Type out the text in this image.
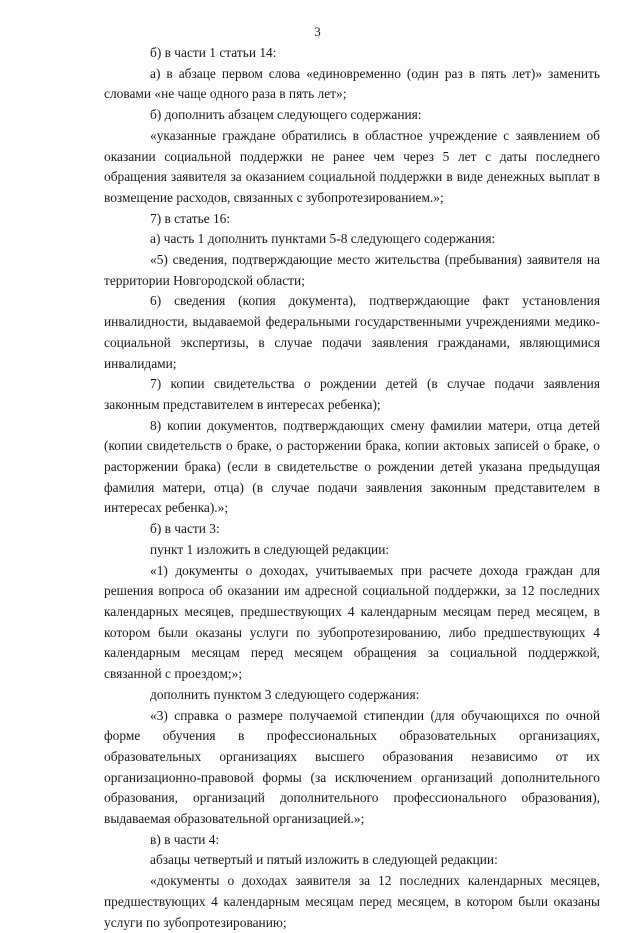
3

б) в части 1 статьи 14:

а) в абзаце первом слова «единовременно (один раз в пять лет)» заменить словами «не чаще одного раза в пять лет»;

б) дополнить абзацем следующего содержания:

«указанные граждане обратились в областное учреждение с заявлением об оказании социальной поддержки не ранее чем через 5 лет с даты последнего обращения заявителя за оказанием социальной поддержки в виде денежных выплат в возмещение расходов, связанных с зубопротезированием.»;

7) в статье 16:

а) часть 1 дополнить пунктами 5-8 следующего содержания:

«5) сведения, подтверждающие место жительства (пребывания) заявителя на территории Новгородской области;

6) сведения (копия документа), подтверждающие факт установления инвалидности, выдаваемой федеральными государственными учреждениями медико-социальной экспертизы, в случае подачи заявления гражданами, являющимися инвалидами;

7) копии свидетельства о рождении детей (в случае подачи заявления законным представителем в интересах ребенка);

8) копии документов, подтверждающих смену фамилии матери, отца детей (копии свидетельств о браке, о расторжении брака, копии актовых записей о браке, о расторжении брака) (если в свидетельстве о рождении детей указана предыдущая фамилия матери, отца) (в случае подачи заявления законным представителем в интересах ребенка).»;

б) в части 3:

пункт 1 изложить в следующей редакции:

«1) документы о доходах, учитываемых при расчете дохода граждан для решения вопроса об оказании им адресной социальной поддержки, за 12 последних календарных месяцев, предшествующих 4 календарным месяцам перед месяцем, в котором были оказаны услуги по зубопротезированию, либо предшествующих 4 календарным месяцам перед месяцем обращения за социальной поддержкой, связанной с проездом;»;

дополнить пунктом 3 следующего содержания:

«3) справка о размере получаемой стипендии (для обучающихся по очной форме обучения в профессиональных образовательных организациях, образовательных организациях высшего образования независимо от их организационно-правовой формы (за исключением организаций дополнительного образования, организаций дополнительного профессионального образования), выдаваемая образовательной организацией.»;

в) в части 4:

абзацы четвертый и пятый изложить в следующей редакции:

«документы о доходах заявителя за 12 последних календарных месяцев, предшествующих 4 календарным месяцам перед месяцем, в котором были оказаны услуги по зубопротезированию;
